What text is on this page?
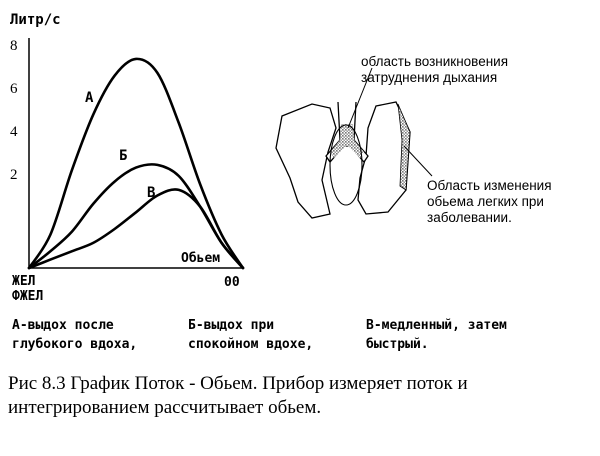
Литр/с
8
6
4
2
А
Б
В
Обьем
ЖЕЛ
ФЖЕЛ
00
область возникновения
затруднения дыхания
Область изменения
обьема легких при
заболевании.
А-выдох после
глубокого вдоха,
Б-выдох при
спокойном вдохе,
В-медленный, затем
быстрый.
Рис 8.3 График Поток - Обьем. Прибор измеряет поток и интегрированием рассчитывает обьем.
